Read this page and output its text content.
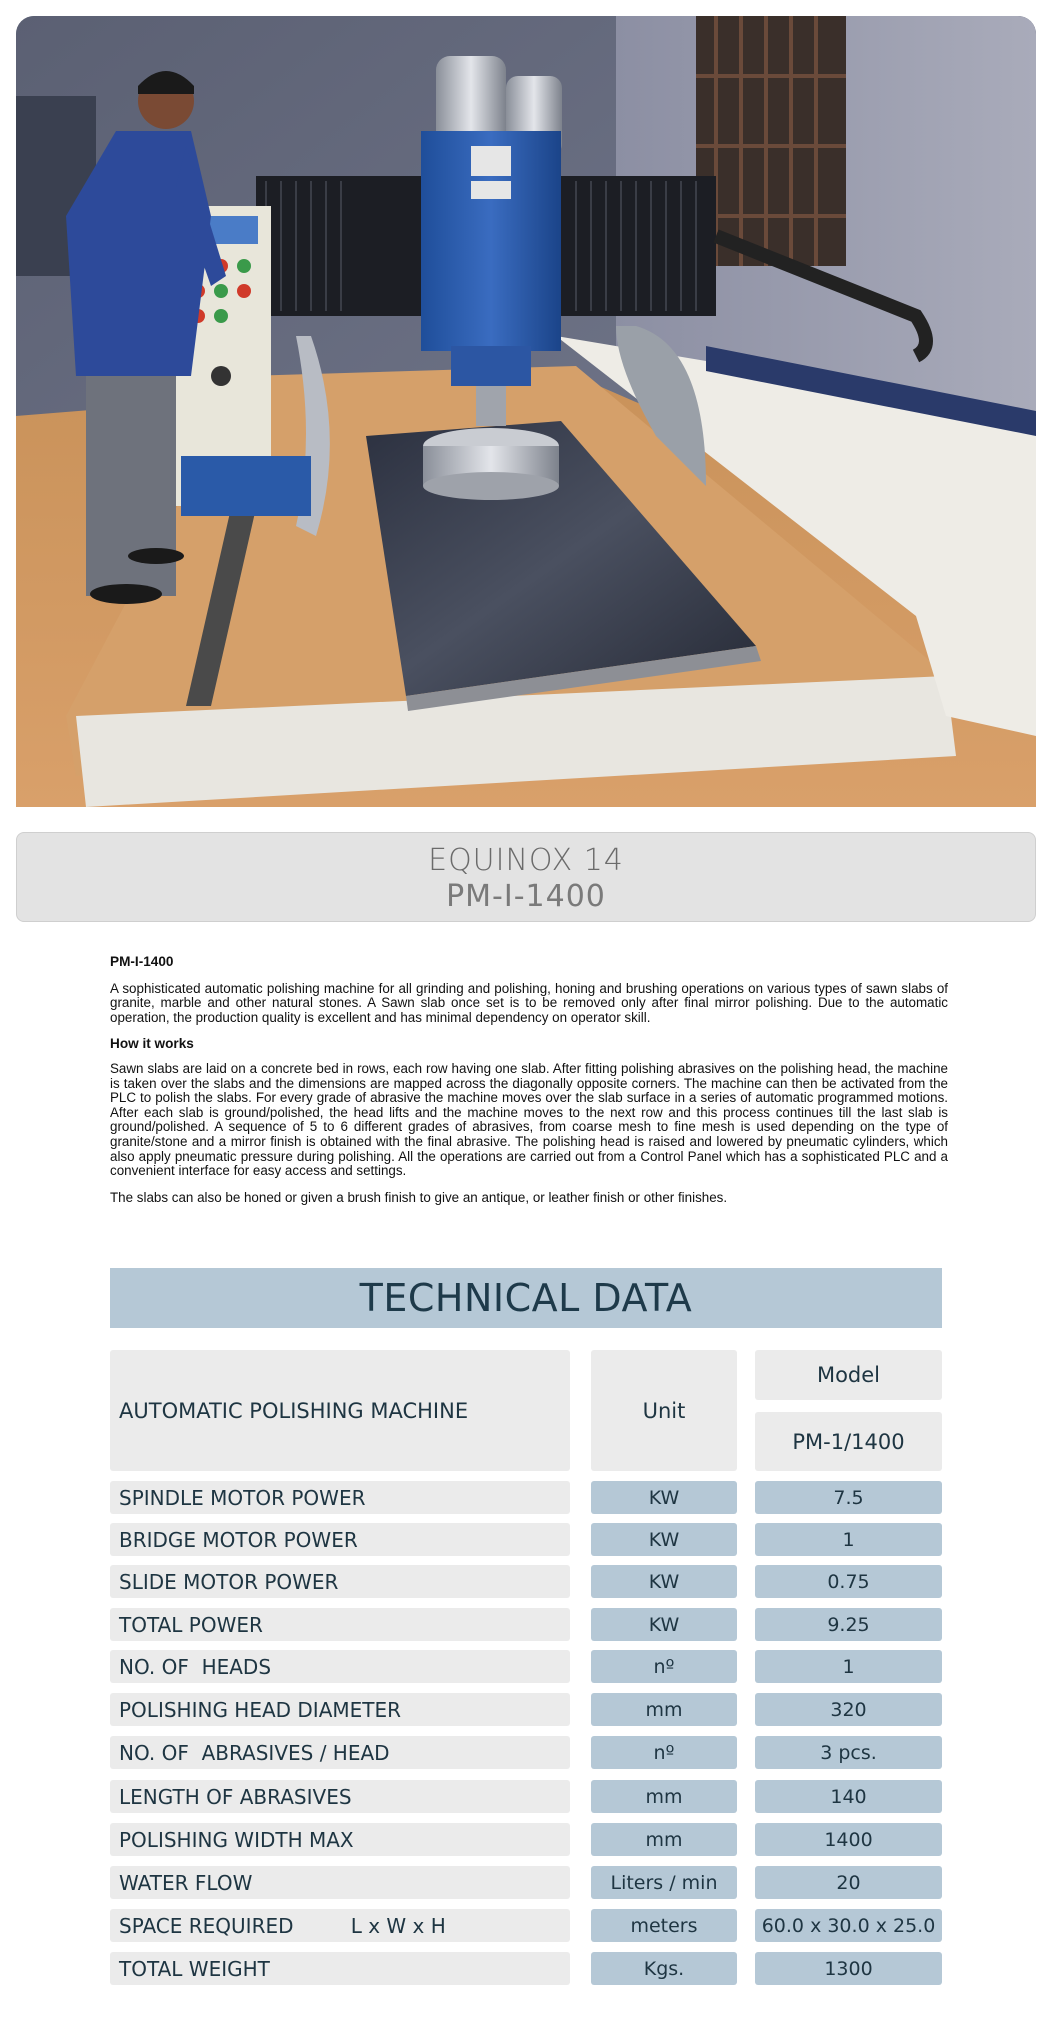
EQUINOX 14
PM-I-1400
PM-I-1400

A sophisticated automatic polishing machine for all grinding and polishing, honing and brushing operations on various types of sawn slabs of granite, marble and other natural stones. A Sawn slab once set is to be removed only after final mirror polishing. Due to the automatic operation, the production quality is excellent and has minimal dependency on operator skill.

How it works

Sawn slabs are laid on a concrete bed in rows, each row having one slab. After fitting polishing abrasives on the polishing head, the machine is taken over the slabs and the dimensions are mapped across the diagonally opposite corners. The machine can then be activated from the PLC to polish the slabs. For every grade of abrasive the machine moves over the slab surface in a series of automatic programmed motions. After each slab is ground/polished, the head lifts and the machine moves to the next row and this process continues till the last slab is ground/polished. A sequence of 5 to 6 different grades of abrasives, from coarse mesh to fine mesh is used depending on the type of granite/stone and a mirror finish is obtained with the final abrasive. The polishing head is raised and lowered by pneumatic cylinders, which also apply pneumatic pressure during polishing. All the operations are carried out from a Control Panel which has a sophisticated PLC and a convenient interface for easy access and settings.

The slabs can also be honed or given a brush finish to give an antique, or leather finish or other finishes.

TECHNICAL DATA
AUTOMATIC POLISHING MACHINE	Unit
Model
PM-1/1400
SPINDLE MOTOR POWER	KW	7.5
BRIDGE MOTOR POWER	KW	1
SLIDE MOTOR POWER	KW	0.75
TOTAL POWER	KW	9.25
NO. OF  HEADS	nº	1
POLISHING HEAD DIAMETER	mm	320
NO. OF  ABRASIVES / HEAD	nº	3 pcs.
LENGTH OF ABRASIVES	mm	140
POLISHING WIDTH MAX	mm	1400
WATER FLOW	Liters / min	20
SPACE REQUIRED         L x W x H	meters	60.0 x 30.0 x 25.0
TOTAL WEIGHT	Kgs.	1300
